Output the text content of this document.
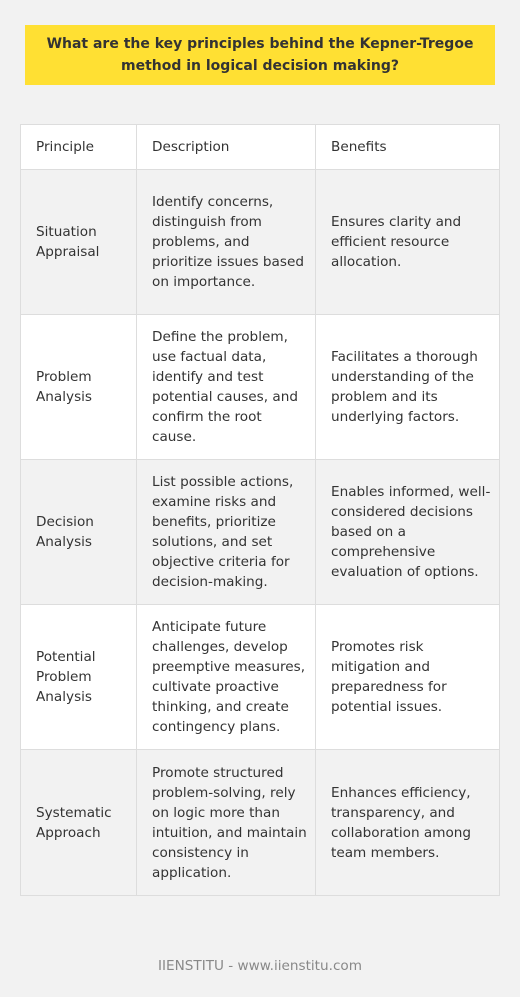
What are the key principles behind the Kepner-Tregoe method in logical decision making?
Principle	Description	Benefits
Situation Appraisal
Identify concerns, distinguish from problems, and prioritize issues based on importance.
Ensures clarity and efficient resource allocation.
Problem Analysis
Define the problem, use factual data, identify and test potential causes, and confirm the root cause.
Facilitates a thorough understanding of the problem and its underlying factors.
Decision Analysis
List possible actions, examine risks and benefits, prioritize solutions, and set objective criteria for decision-making.
Enables informed, well-considered decisions based on a comprehensive evaluation of options.
Potential Problem Analysis
Anticipate future challenges, develop preemptive measures, cultivate proactive thinking, and create contingency plans.
Promotes risk mitigation and preparedness for potential issues.
Systematic Approach
Promote structured problem-solving, rely on logic more than intuition, and maintain consistency in application.
Enhances efficiency, transparency, and collaboration among team members.
IIENSTITU - www.iienstitu.com
